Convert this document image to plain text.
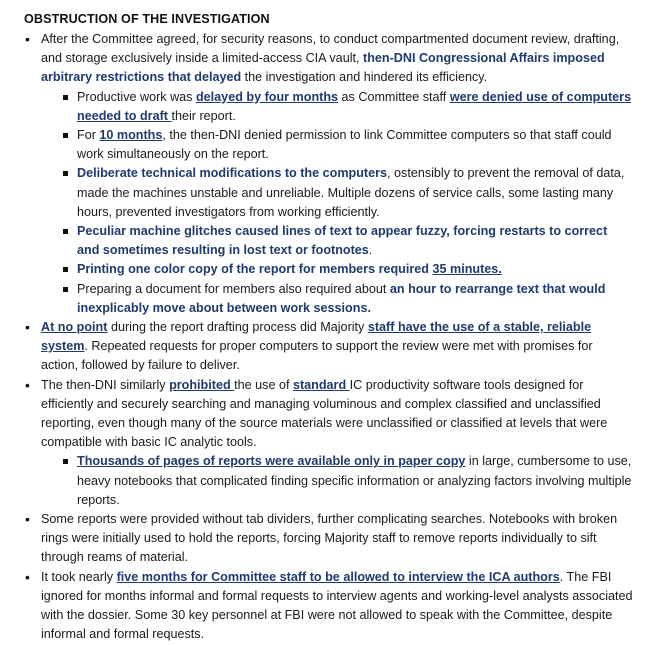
OBSTRUCTION OF THE INVESTIGATION
• After the Committee agreed, for security reasons, to conduct compartmented document review, drafting, and storage exclusively inside a limited-access CIA vault, then-DNI Congressional Affairs imposed arbitrary restrictions that delayed the investigation and hindered its efficiency.
Productive work was delayed by four months as Committee staff were denied use of computers needed to draft their report.
For 10 months, the then-DNI denied permission to link Committee computers so that staff could work simultaneously on the report.
Deliberate technical modifications to the computers, ostensibly to prevent the removal of data, made the machines unstable and unreliable. Multiple dozens of service calls, some lasting many hours, prevented investigators from working efficiently.
Peculiar machine glitches caused lines of text to appear fuzzy, forcing restarts to correct and sometimes resulting in lost text or footnotes.
Printing one color copy of the report for members required 35 minutes.
Preparing a document for members also required about an hour to rearrange text that would inexplicably move about between work sessions.
• At no point during the report drafting process did Majority staff have the use of a stable, reliable system. Repeated requests for proper computers to support the review were met with promises for action, followed by failure to deliver.
• The then-DNI similarly prohibited the use of standard IC productivity software tools designed for efficiently and securely searching and managing voluminous and complex classified and unclassified reporting, even though many of the source materials were unclassified or classified at levels that were compatible with basic IC analytic tools.
Thousands of pages of reports were available only in paper copy in large, cumbersome to use, heavy notebooks that complicated finding specific information or analyzing factors involving multiple reports.
• Some reports were provided without tab dividers, further complicating searches. Notebooks with broken rings were initially used to hold the reports, forcing Majority staff to remove reports individually to sift through reams of material.
• It took nearly five months for Committee staff to be allowed to interview the ICA authors. The FBI ignored for months informal and formal requests to interview agents and working-level analysts associated with the dossier. Some 30 key personnel at FBI were not allowed to speak with the Committee, despite informal and formal requests.
